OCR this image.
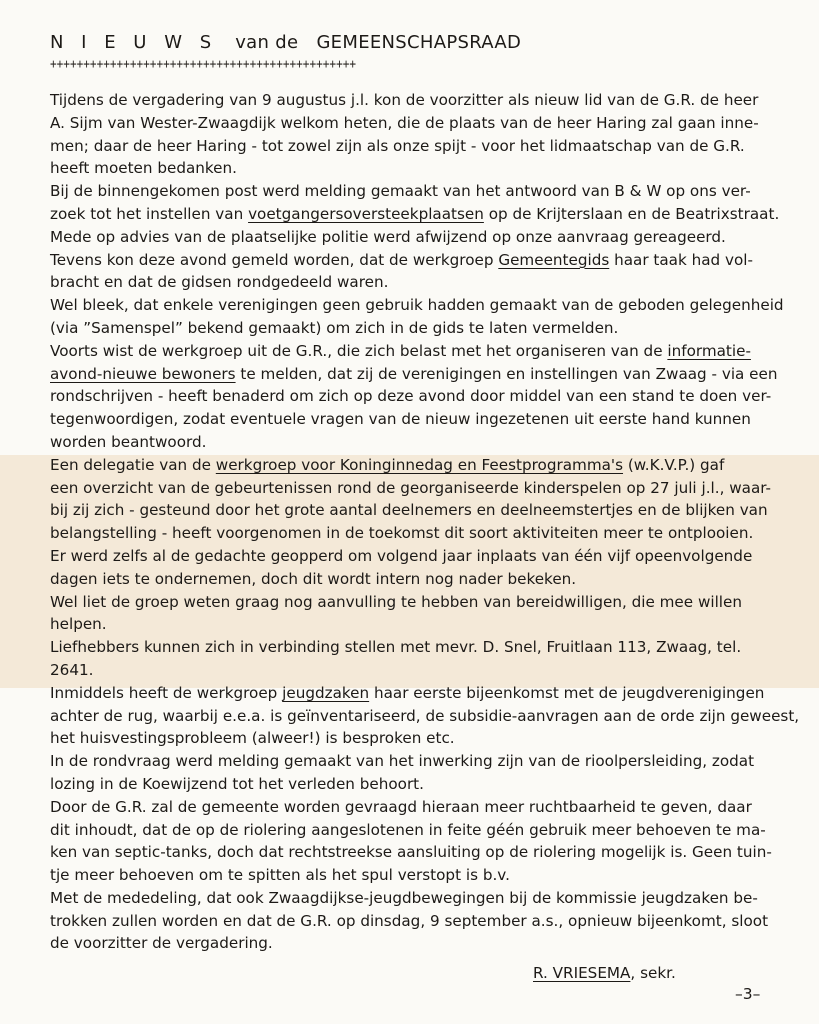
N I E U W S van de GEMEENSCHAPSRAAD
++++++++++++++++++++++++++++++++++++++++++++++
Tijdens de vergadering van 9 augustus j.l. kon de voorzitter als nieuw lid van de G.R. de heer
A. Sijm van Wester-Zwaagdijk welkom heten, die de plaats van de heer Haring zal gaan inne-
men; daar de heer Haring - tot zowel zijn als onze spijt - voor het lidmaatschap van de G.R.
heeft moeten bedanken.
Bij de binnengekomen post werd melding gemaakt van het antwoord van B & W op ons ver-
zoek tot het instellen van voetgangersoversteekplaatsen op de Krijterslaan en de Beatrixstraat.
Mede op advies van de plaatselijke politie werd afwijzend op onze aanvraag gereageerd.
Tevens kon deze avond gemeld worden, dat de werkgroep Gemeentegids haar taak had vol-
bracht en dat de gidsen rondgedeeld waren.
Wel bleek, dat enkele verenigingen geen gebruik hadden gemaakt van de geboden gelegenheid
(via ”Samenspel” bekend gemaakt) om zich in de gids te laten vermelden.
Voorts wist de werkgroep uit de G.R., die zich belast met het organiseren van de informatie-
avond-nieuwe bewoners te melden, dat zij de verenigingen en instellingen van Zwaag - via een
rondschrijven - heeft benaderd om zich op deze avond door middel van een stand te doen ver-
tegenwoordigen, zodat eventuele vragen van de nieuw ingezetenen uit eerste hand kunnen
worden beantwoord.
Een delegatie van de werkgroep voor Koninginnedag en Feestprogramma's (w.K.V.P.) gaf
een overzicht van de gebeurtenissen rond de georganiseerde kinderspelen op 27 juli j.l., waar-
bij zij zich - gesteund door het grote aantal deelnemers en deelneemstertjes en de blijken van
belangstelling - heeft voorgenomen in de toekomst dit soort aktiviteiten meer te ontplooien.
Er werd zelfs al de gedachte geopperd om volgend jaar inplaats van één vijf opeenvolgende
dagen iets te ondernemen, doch dit wordt intern nog nader bekeken.
Wel liet de groep weten graag nog aanvulling te hebben van bereidwilligen, die mee willen
helpen.
Liefhebbers kunnen zich in verbinding stellen met mevr. D. Snel, Fruitlaan 113, Zwaag, tel.
2641.
Inmiddels heeft de werkgroep jeugdzaken haar eerste bijeenkomst met de jeugdverenigingen
achter de rug, waarbij e.e.a. is geïnventariseerd, de subsidie-aanvragen aan de orde zijn geweest,
het huisvestingsprobleem (alweer!) is besproken etc.
In de rondvraag werd melding gemaakt van het inwerking zijn van de rioolpersleiding, zodat
lozing in de Koewijzend tot het verleden behoort.
Door de G.R. zal de gemeente worden gevraagd hieraan meer ruchtbaarheid te geven, daar
dit inhoudt, dat de op de riolering aangeslotenen in feite géén gebruik meer behoeven te ma-
ken van septic-tanks, doch dat rechtstreekse aansluiting op de riolering mogelijk is. Geen tuin-
tje meer behoeven om te spitten als het spul verstopt is b.v.
Met de mededeling, dat ook Zwaagdijkse-jeugdbewegingen bij de kommissie jeugdzaken be-
trokken zullen worden en dat de G.R. op dinsdag, 9 september a.s., opnieuw bijeenkomt, sloot
de voorzitter de vergadering.
R. VRIESEMA, sekr.
–3–
